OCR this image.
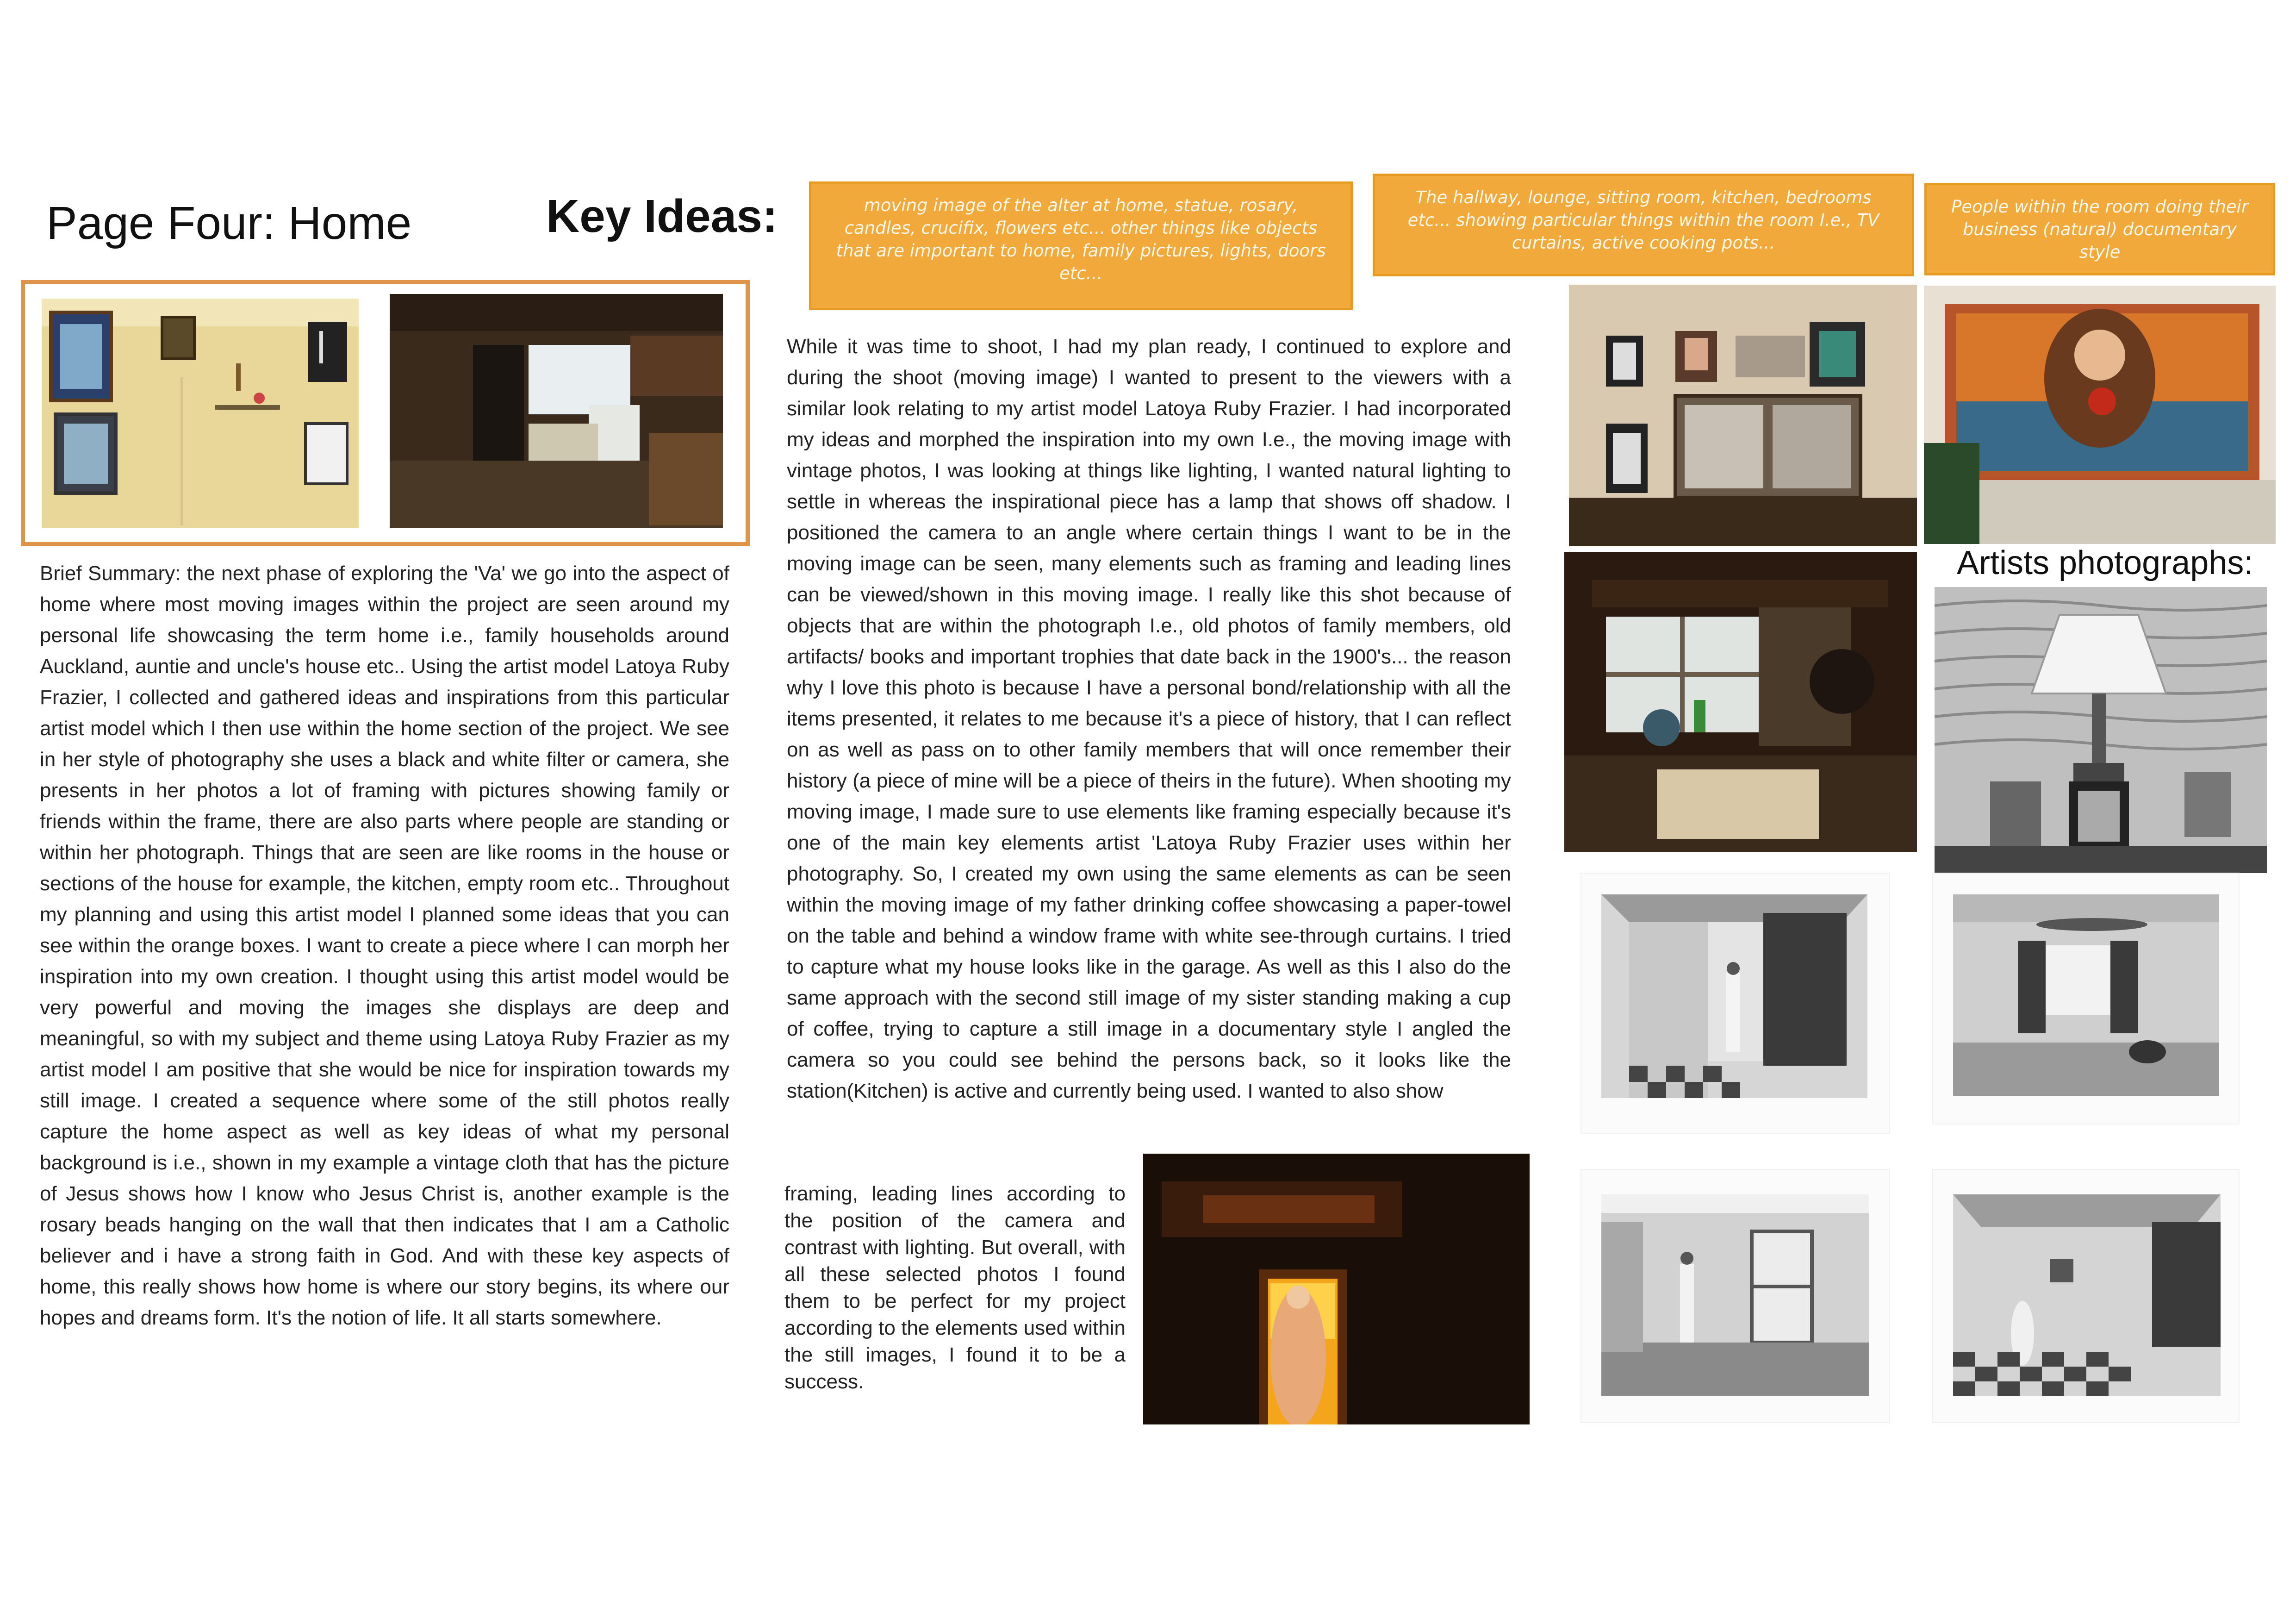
Page Four: Home	Key Ideas:	moving image of the alter at home, statue, rosary, candles, crucifix, flowers etc... other things like objects that are important to home, family pictures, lights, doors etc...
The hallway, lounge, sitting room, kitchen, bedrooms etc... showing particular things within the room I.e., TV curtains, active cooking pots...
People within the room doing their business (natural) documentary style
Brief Summary: the next phase of exploring the 'Va' we go into the aspect of home where most moving images within the project are seen around my personal life showcasing the term home i.e., family households around Auckland, auntie and uncle's house etc.. Using the artist model Latoya Ruby Frazier, I collected and gathered ideas and inspirations from this particular artist model which I then use within the home section of the project. We see in her style of photography she uses a black and white filter or camera, she presents in her photos a lot of framing with pictures showing family or friends within the frame, there are also parts where people are standing or within her photograph. Things that are seen are like rooms in the house or sections of the house for example, the kitchen, empty room etc.. Throughout my planning and using this artist model I planned some ideas that you can see within the orange boxes. I want to create a piece where I can morph her inspiration into my own creation. I thought using this artist model would be very powerful and moving the images she displays are deep and meaningful, so with my subject and theme using Latoya Ruby Frazier as my artist model I am positive that she would be nice for inspiration towards my still image. I created a sequence where some of the still photos really capture the home aspect as well as key ideas of what my personal background is i.e., shown in my example a vintage cloth that has the picture of Jesus shows how I know who Jesus Christ is, another example is the rosary beads hanging on the wall that then indicates that I am a Catholic believer and i have a strong faith in God. And with these key aspects of home, this really shows how home is where our story begins, its where our hopes and dreams form. It's the notion of life. It all starts somewhere.
While it was time to shoot, I had my plan ready, I continued to explore and during the shoot (moving image) I wanted to present to the viewers with a similar look relating to my artist model Latoya Ruby Frazier. I had incorporated my ideas and morphed the inspiration into my own I.e., the moving image with vintage photos, I was looking at things like lighting, I wanted natural lighting to settle in whereas the inspirational piece has a lamp that shows off shadow. I positioned the camera to an angle where certain things I want to be in the moving image can be seen, many elements such as framing and leading lines can be viewed/shown in this moving image. I really like this shot because of objects that are within the photograph I.e., old photos of family members, old artifacts/ books and important trophies that date back in the 1900's... the reason why I love this photo is because I have a personal bond/relationship with all the items presented, it relates to me because it's a piece of history, that I can reflect on as well as pass on to other family members that will once remember their history (a piece of mine will be a piece of theirs in the future). When shooting my moving image, I made sure to use elements like framing especially because it's one of the main key elements artist 'Latoya Ruby Frazier uses within her photography. So, I created my own using the same elements as can be seen within the moving image of my father drinking coffee showcasing a paper-towel on the table and behind a window frame with white see-through curtains. I tried to capture what my house looks like in the garage. As well as this I also do the same approach with the second still image of my sister standing making a cup of coffee, trying to capture a still image in a documentary style I angled the camera so you could see behind the persons back, so it looks like the station(Kitchen) is active and currently being used. I wanted to also show
framing, leading lines according to the position of the camera and contrast with lighting. But overall, with all these selected photos I found them to be perfect for my project according to the elements used within the still images, I found it to be a success.
Artists photographs:
